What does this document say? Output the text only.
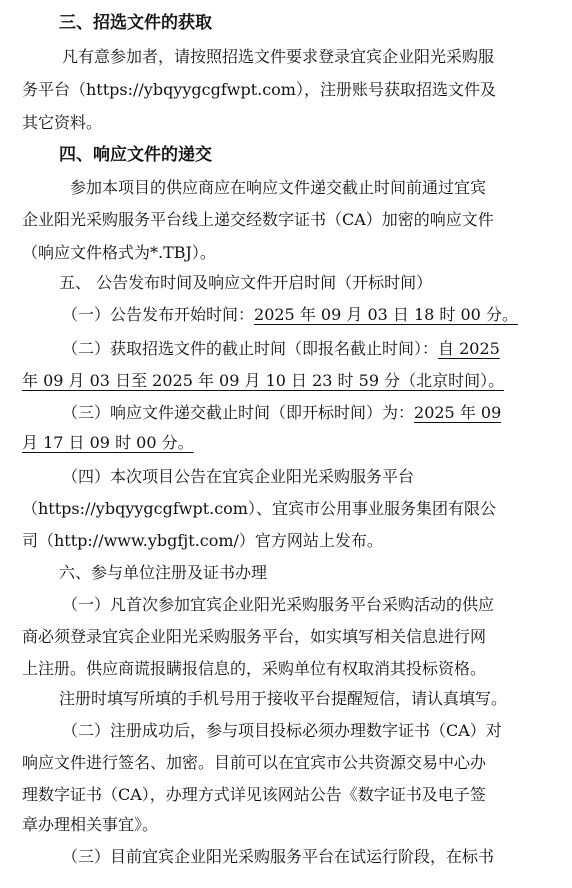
三、招选文件的获取
凡有意参加者，请按照招选文件要求登录宜宾企业阳光采购服
务平台（https://ybqyygcgfwpt.com），注册账号获取招选文件及
其它资料。
四、响应文件的递交
参加本项目的供应商应在响应文件递交截止时间前通过宜宾
企业阳光采购服务平台线上递交经数字证书（CA）加密的响应文件
（响应文件格式为*.TBJ）。
五、 公告发布时间及响应文件开启时间（开标时间）
（一）公告发布开始时间：2025 年 09 月 03 日 18 时 00 分。
（二）获取招选文件的截止时间（即报名截止时间）：自 2025
年 09 月 03 日至 2025 年 09 月 10 日 23 时 59 分（北京时间）。
（三）响应文件递交截止时间（即开标时间）为：2025 年 09
月 17 日 09 时 00 分。
（四）本次项目公告在宜宾企业阳光采购服务平台
（https://ybqyygcgfwpt.com）、宜宾市公用事业服务集团有限公
司（http://www.ybgfjt.com/）官方网站上发布。
六、参与单位注册及证书办理
（一）凡首次参加宜宾企业阳光采购服务平台采购活动的供应
商必须登录宜宾企业阳光采购服务平台，如实填写相关信息进行网
上注册。供应商谎报瞒报信息的，采购单位有权取消其投标资格。
注册时填写所填的手机号用于接收平台提醒短信，请认真填写。
（二）注册成功后，参与项目投标必须办理数字证书（CA）对
响应文件进行签名、加密。目前可以在宜宾市公共资源交易中心办
理数字证书（CA），办理方式详见该网站公告《数字证书及电子签
章办理相关事宜》。
（三）目前宜宾企业阳光采购服务平台在试运行阶段，在标书
